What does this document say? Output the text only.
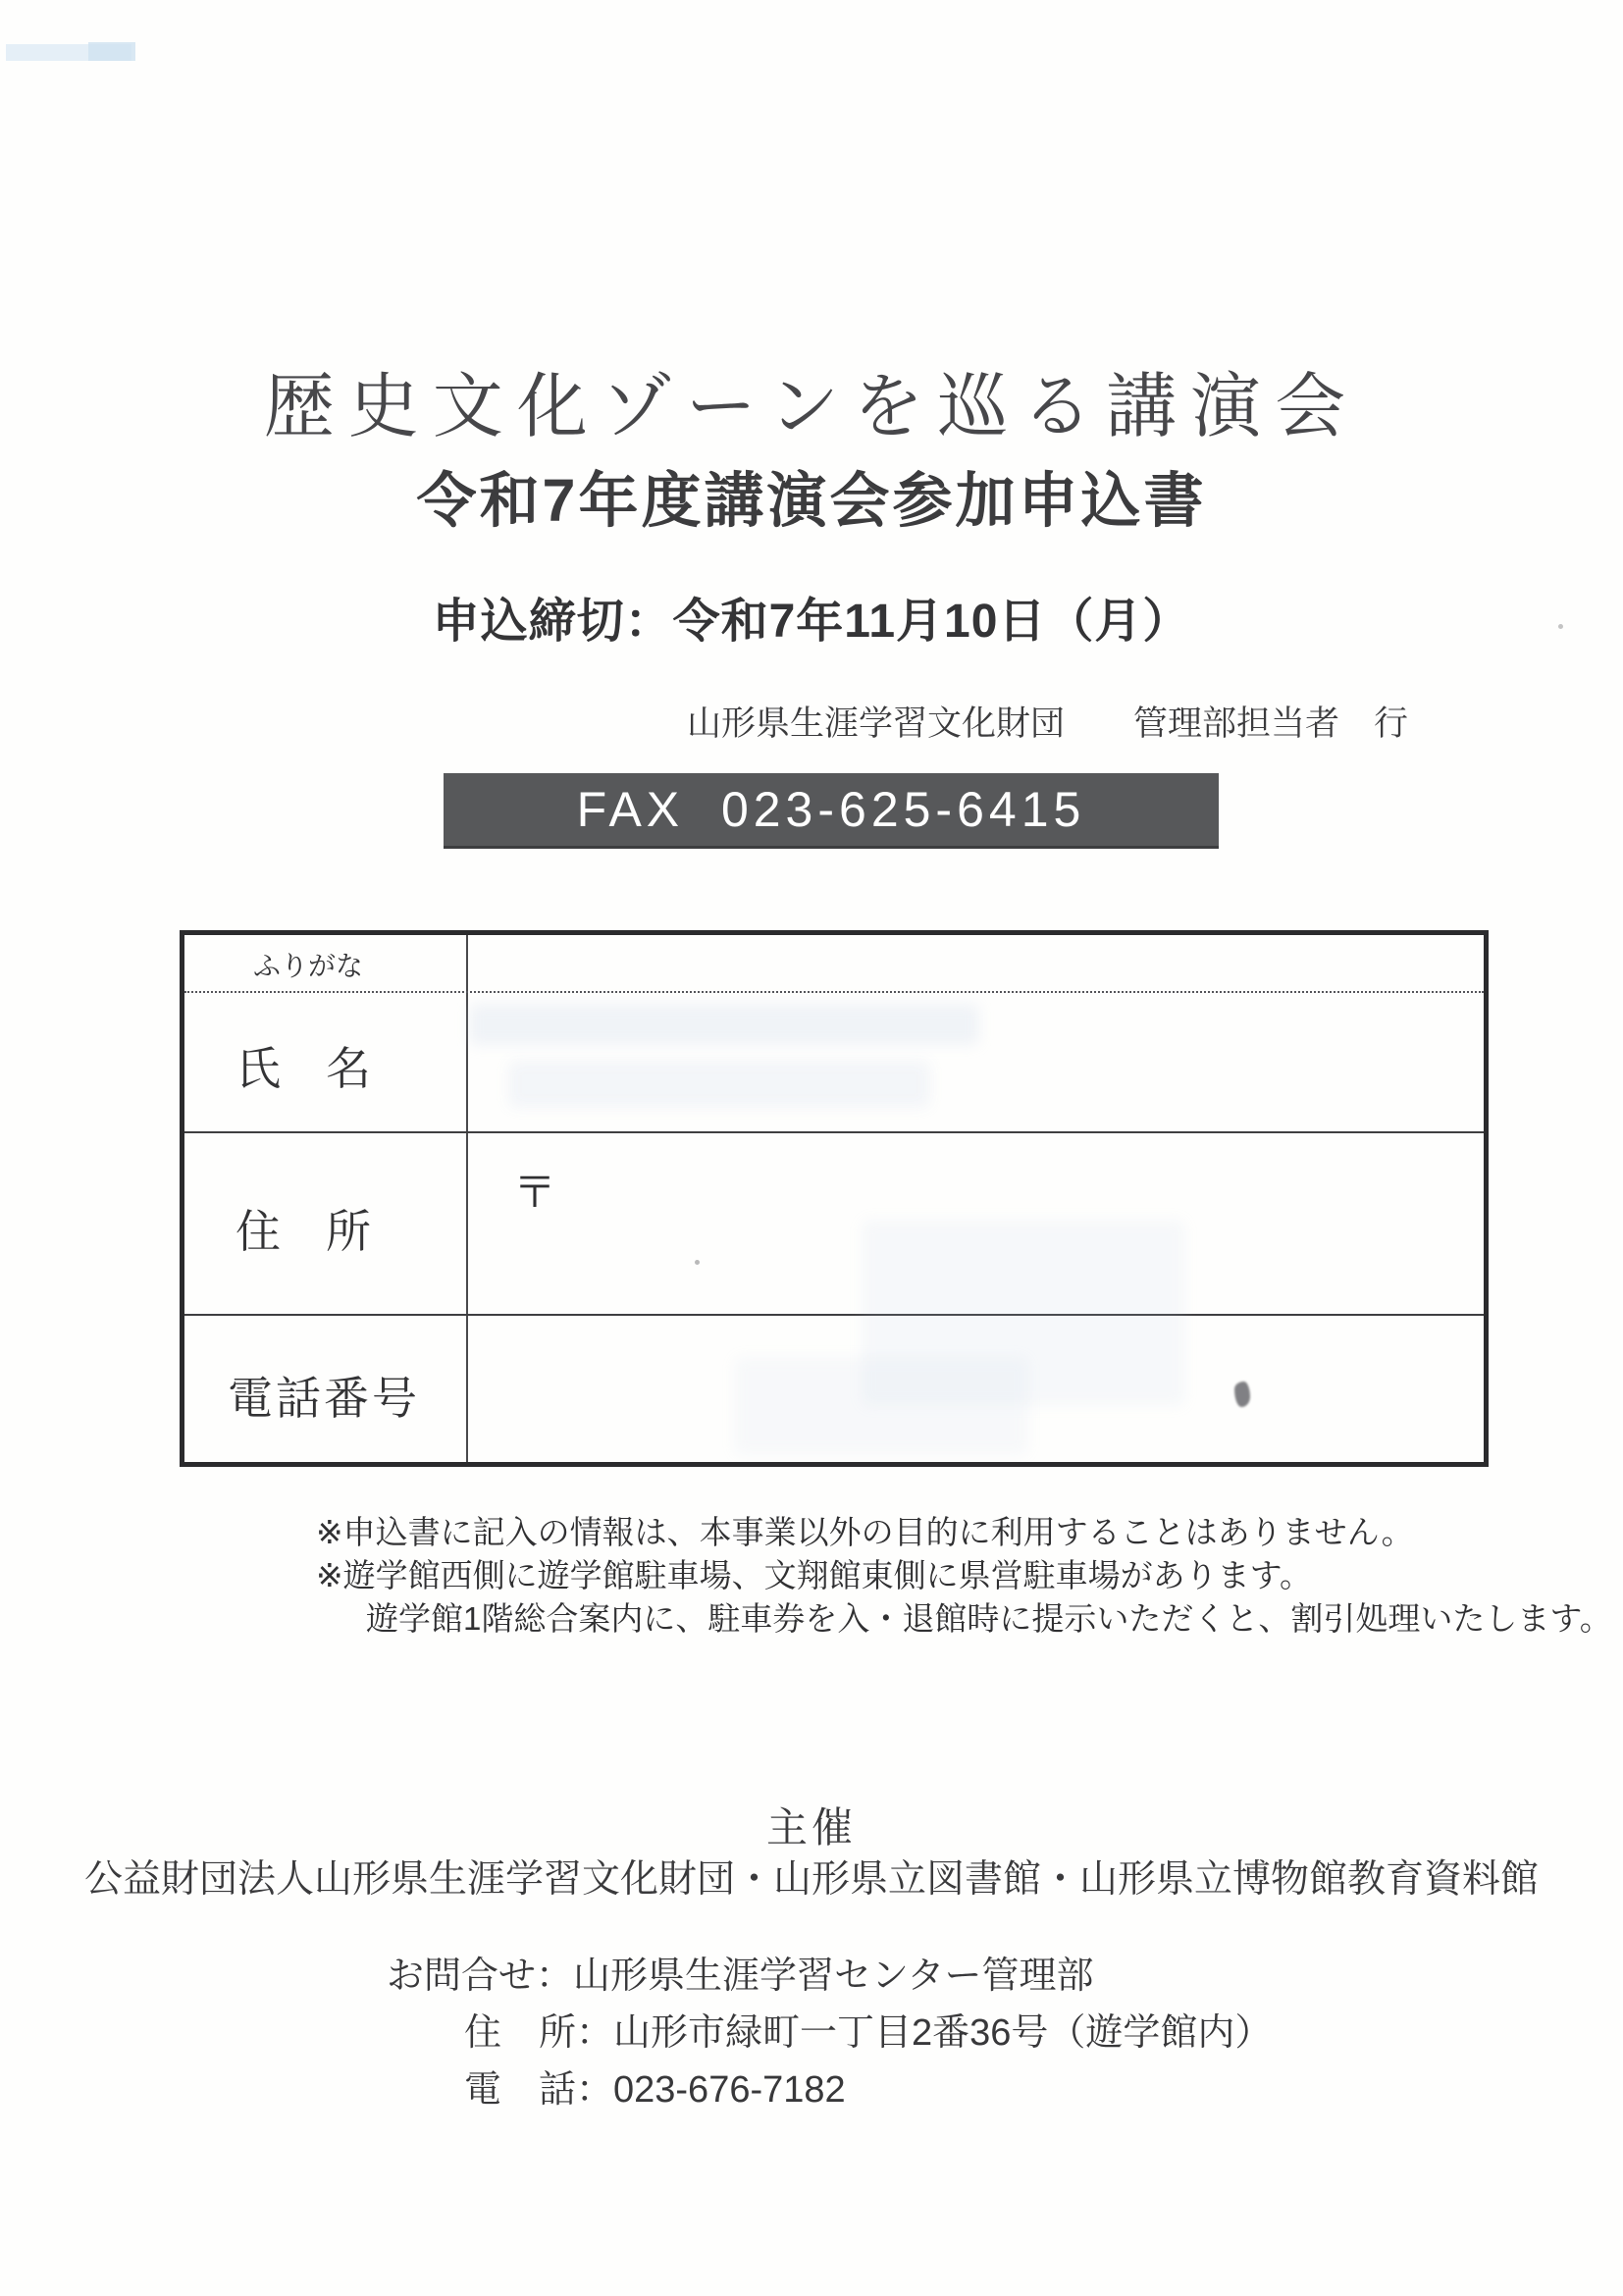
歴史文化ゾーンを巡る講演会
令和7年度講演会参加申込書
申込締切：令和7年11月10日（月）
山形県生涯学習文化財団　　管理部担当者　行
FAX  023-625-6415
ふりがな
氏　名
住　所
電話番号
〒
※申込書に記入の情報は、本事業以外の目的に利用することはありません。
※遊学館西側に遊学館駐車場、文翔館東側に県営駐車場があります。
遊学館1階総合案内に、駐車券を入・退館時に提示いただくと、割引処理いたします。
主催
公益財団法人山形県生涯学習文化財団・山形県立図書館・山形県立博物館教育資料館
お問合せ：山形県生涯学習センター管理部
住　所：山形市緑町一丁目2番36号（遊学館内）
電　話：023-676-7182
